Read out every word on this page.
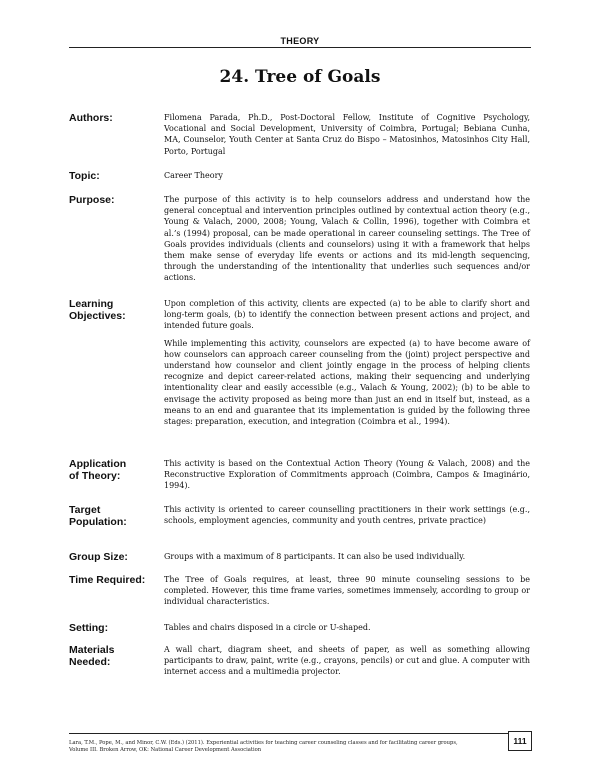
THEORY
24. Tree of Goals
Authors:	Filomena Parada, Ph.D., Post-Doctoral Fellow, Institute of Cognitive Psychology, Vocational and Social Development, University of Coimbra, Portugal; Bebiana Cunha, MA, Counselor, Youth Center at Santa Cruz do Bispo – Matosinhos, Matosinhos City Hall, Porto, Portugal
Topic:	Career Theory
Purpose:	The purpose of this activity is to help counselors address and understand how the general conceptual and intervention principles outlined by contextual action theory (e.g., Young & Valach, 2000, 2008; Young, Valach & Collin, 1996), together with Coimbra et al.’s (1994) proposal, can be made operational in career counseling settings. The Tree of Goals provides individuals (clients and counselors) using it with a framework that helps them make sense of everyday life events or actions and its mid-length sequencing, through the understanding of the intentionality that underlies such sequences and/or actions.
Learning
Objectives:

Upon completion of this activity, clients are expected (a) to be able to clarify short and long-term goals, (b) to identify the connection between present actions and project, and intended future goals.

While implementing this activity, counselors are expected (a) to have become aware of how counselors can approach career counseling from the (joint) project perspective and understand how counselor and client jointly engage in the process of helping clients recognize and depict career-related actions, making their sequencing and underlying intentionality clear and easily accessible (e.g., Valach & Young, 2002); (b) to be able to envisage the activity proposed as being more than just an end in itself but, instead, as a means to an end and guarantee that its implementation is guided by the following three stages: preparation, execution, and integration (Coimbra et al., 1994).

Application
of Theory:
This activity is based on the Contextual Action Theory (Young & Valach, 2008) and the Reconstructive Exploration of Commitments approach (Coimbra, Campos & Imaginário, 1994).
Target
Population:
This activity is oriented to career counselling practitioners in their work settings (e.g., schools, employment agencies, community and youth centres, private practice)
Group Size:	Groups with a maximum of 8 participants. It can also be used individually.
Time Required:	The Tree of Goals requires, at least, three 90 minute counseling sessions to be completed. However, this time frame varies, sometimes immensely, according to group or individual characteristics.
Setting:	Tables and chairs disposed in a circle or U-shaped.
Materials
Needed:
A wall chart, diagram sheet, and sheets of paper, as well as something allowing participants to draw, paint, write (e.g., crayons, pencils) or cut and glue. A computer with internet access and a multimedia projector.
Lara, T.M., Pope, M., and Minor, C.W. (Eds.) (2011). Experiential activities for teaching career counseling classes and for facilitating career groups,
Volume III. Broken Arrow, OK: National Career Development Association
111
